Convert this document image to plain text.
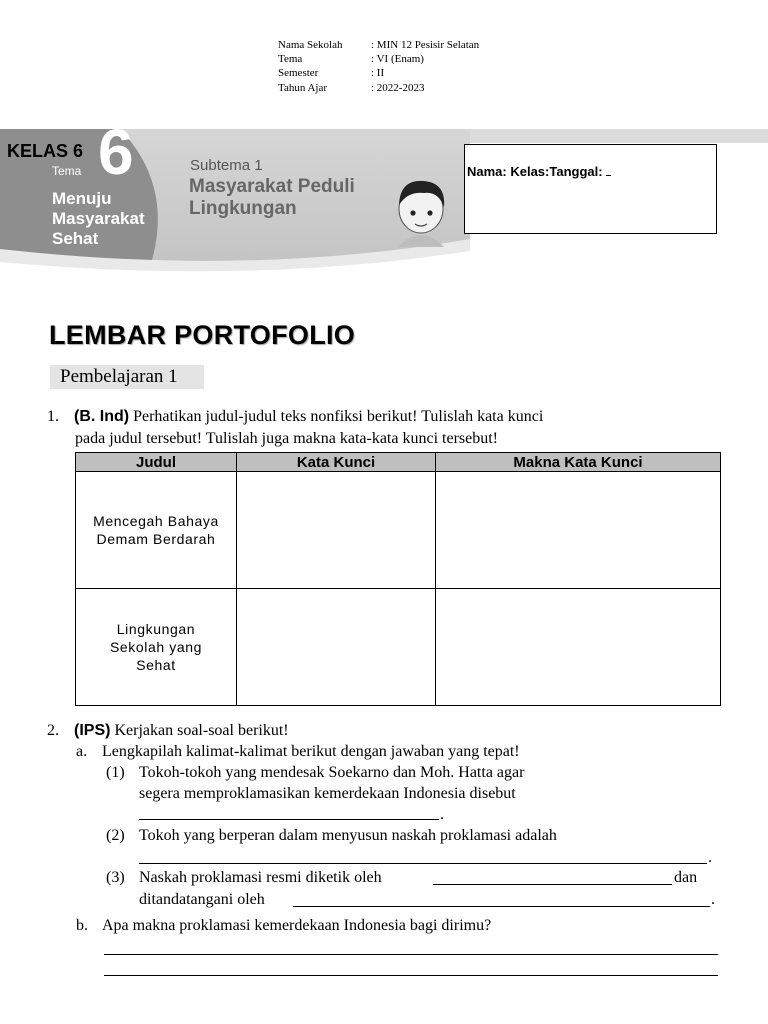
Nama Sekolah	: MIN 12 Pesisir Selatan
Tema	: VI (Enam)
Semester	: II
Tahun Ajar	: 2022-2023
KELAS 6
Tema 6
Menuju Masyarakat Sehat
Subtema 1
Masyarakat Peduli Lingkungan
Nama: Kelas:Tanggal:
LEMBAR PORTOFOLIO
Pembelajaran 1
1. (B. Ind) Perhatikan judul-judul teks nonfiksi berikut! Tulislah kata kunci
pada judul tersebut! Tulislah juga makna kata-kata kunci tersebut!
Judul	Kata Kunci	Makna Kata Kunci
Mencegah Bahaya Demam Berdarah		
Lingkungan Sekolah yang Sehat		
2. (IPS) Kerjakan soal-soal berikut!
a. Lengkapilah kalimat-kalimat berikut dengan jawaban yang tepat!
(1) Tokoh-tokoh yang mendesak Soekarno dan Moh. Hatta agar
segera memproklamasikan kemerdekaan Indonesia disebut
.
(2) Tokoh yang berperan dalam menyusun naskah proklamasi adalah
.
(3) Naskah proklamasi resmi diketik oleh	dan
ditandatangani oleh	.
b. Apa makna proklamasi kemerdekaan Indonesia bagi dirimu?
